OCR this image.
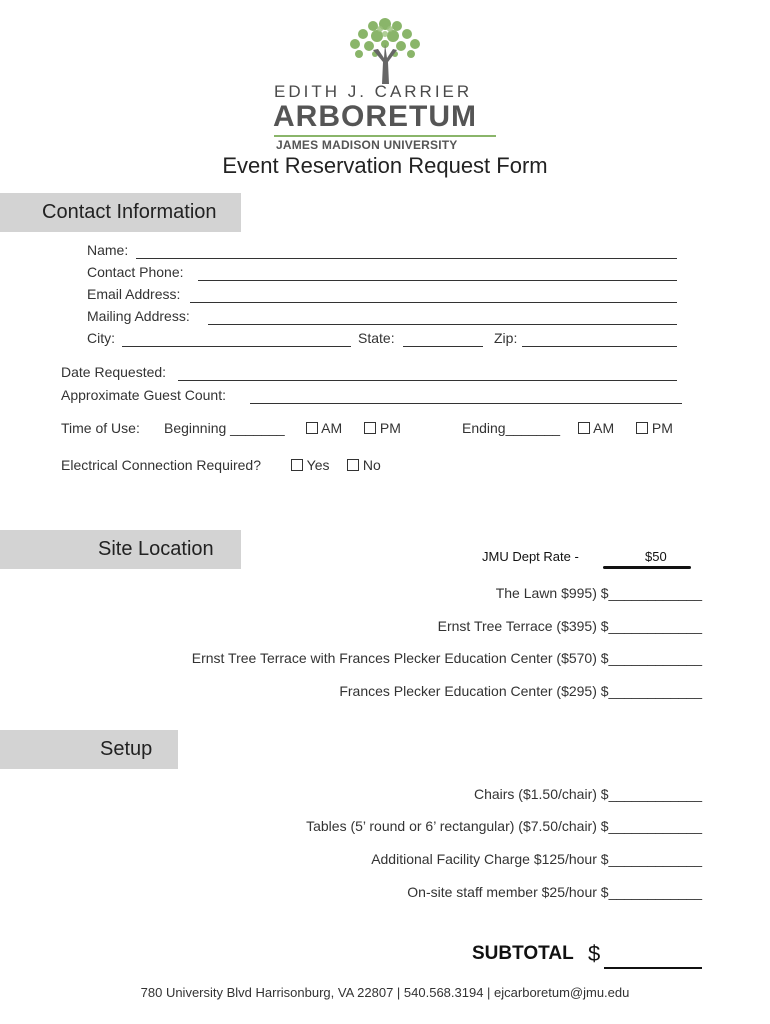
EDITH J. CARRIER
ARBORETUM
JAMES MADISON UNIVERSITY
Event Reservation Request Form
Contact Information
Name:
Contact Phone:
Email Address:
Mailing Address:
City:	State:	Zip:
Date Requested:
Approximate Guest Count:
Time of Use: Beginning _______	AM	PM	Ending_______	AM	PM
Electrical Connection Required?	Yes	No
Site Location	JMU Dept Rate -	$50
The Lawn $995) $____________
Ernst Tree Terrace ($395) $____________
Ernst Tree Terrace with Frances Plecker Education Center ($570) $____________
Frances Plecker Education Center ($295) $____________
Setup
Chairs ($1.50/chair) $____________
Tables (5’ round or 6’ rectangular) ($7.50/chair) $____________
Additional Facility Charge $125/hour $____________
On-site staff member $25/hour $____________
SUBTOTAL $
780 University Blvd Harrisonburg, VA 22807 | 540.568.3194 | ejcarboretum@jmu.edu
